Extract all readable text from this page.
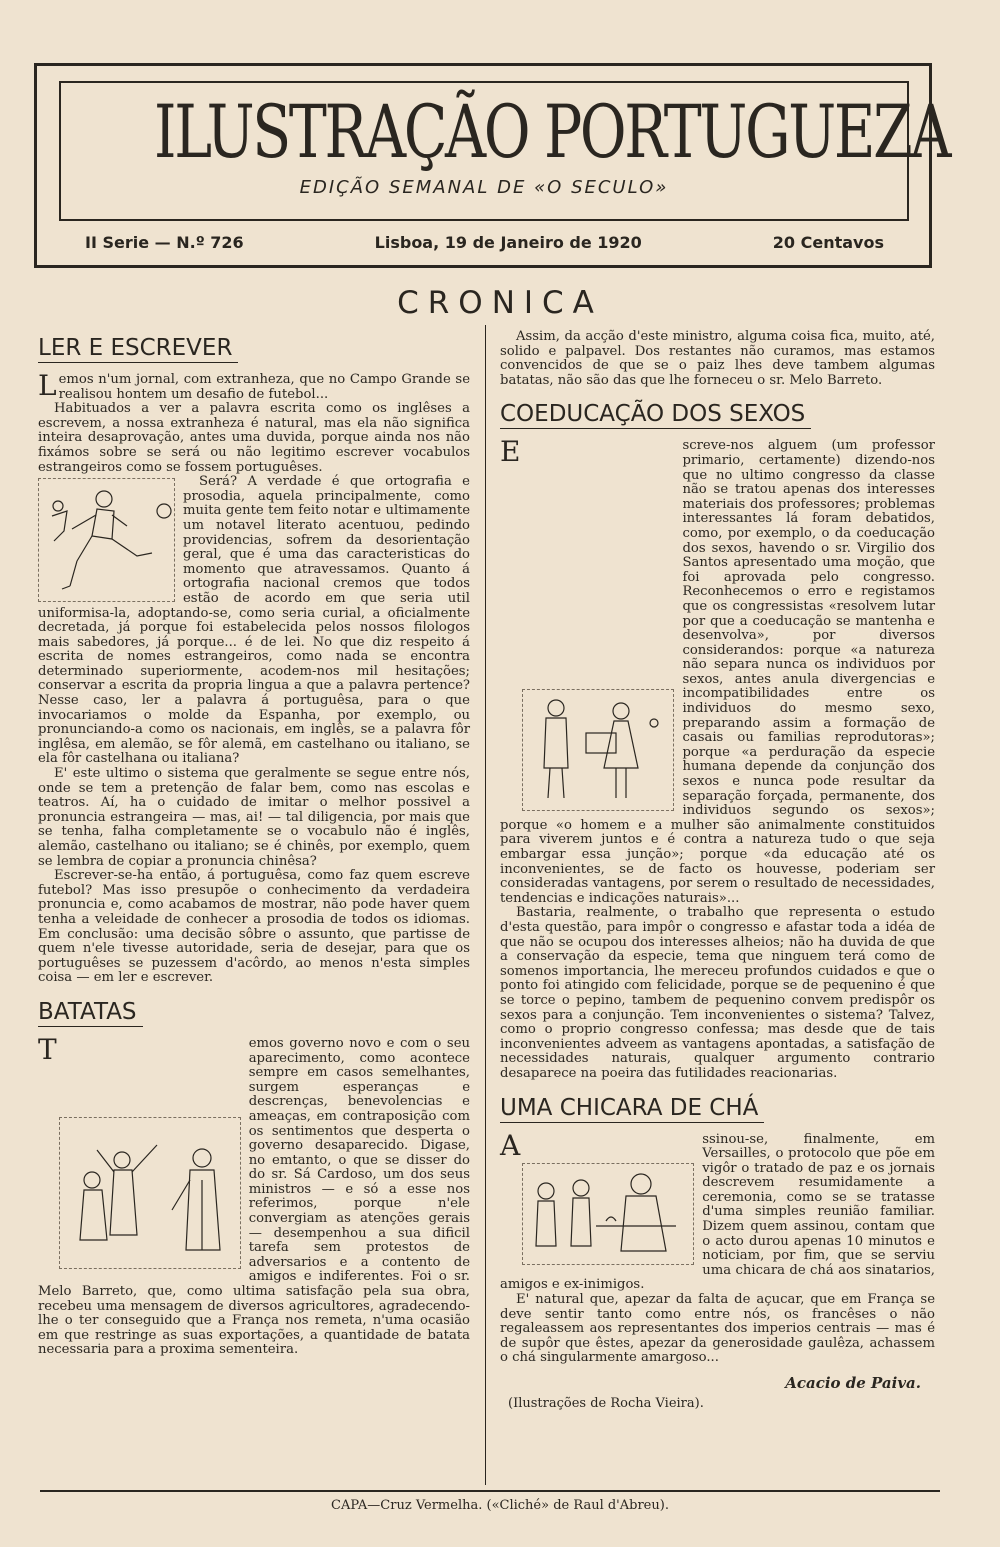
ILUSTRAÇÃO PORTUGUEZA
EDIÇÃO SEMANAL DE «O SECULO»
II Serie — N.º 726	Lisboa, 19 de Janeiro de 1920	20 Centavos
CRONICA
LER E ESCREVER

Lemos n'um jornal, com extranheza, que no Campo Grande se realisou hontem um desafio de futebol...

Habituados a ver a palavra escrita como os inglêses a escrevem, a nossa extranheza é natural, mas ela não significa inteira desaprovação, antes uma duvida, porque ainda nos não fixámos sobre se será ou não legitimo escrever vocabulos estrangeiros como se fossem portuguêses.

Será? A verdade é que ortografia e prosodia, aquela principalmente, como muita gente tem feito notar e ultimamente um notavel literato acentuou, pedindo providencias, sofrem da desorientação geral, que é uma das caracteristicas do momento que atravessamos. Quanto á ortografia nacional cremos que todos estão de acordo em que seria util uniformisa-la, adoptando-se, como seria curial, a oficialmente decretada, já porque foi estabelecida pelos nossos filologos mais sabedores, já porque... é de lei. No que diz respeito á escrita de nomes estrangeiros, como nada se encontra determinado superiormente, acodem-nos mil hesitações; conservar a escrita da propria lingua a que a palavra pertence? Nesse caso, ler a palavra á portuguêsa, para o que invocariamos o molde da Espanha, por exemplo, ou pronunciando-a como os nacionais, em inglês, se a palavra fôr inglêsa, em alemão, se fôr alemã, em castelhano ou italiano, se ela fôr castelhana ou italiana?

E' este ultimo o sistema que geralmente se segue entre nós, onde se tem a pretenção de falar bem, como nas escolas e teatros. Aí, ha o cuidado de imitar o melhor possivel a pronuncia estrangeira — mas, ai! — tal diligencia, por mais que se tenha, falha completamente se o vocabulo não é inglês, alemão, castelhano ou italiano; se é chinês, por exemplo, quem se lembra de copiar a pronuncia chinêsa?

Escrever-se-ha então, á portuguêsa, como faz quem escreve futebol? Mas isso presupõe o conhecimento da verdadeira pronuncia e, como acabamos de mostrar, não pode haver quem tenha a veleidade de conhecer a prosodia de todos os idiomas. Em conclusão: uma decisão sôbre o assunto, que partisse de quem n'ele tivesse autoridade, seria de desejar, para que os portuguêses se puzessem d'acôrdo, ao menos n'esta simples coisa — em ler e escrever.

BATATAS

T	emos governo novo e com o seu aparecimento, como acontece sempre em casos semelhantes, surgem esperanças e descrenças, benevolencias e ameaças, em contraposição com os sentimentos que desperta o governo desaparecido. Digase, no emtanto, o que se disser do do sr. Sá Cardoso, um dos seus ministros — e só a esse nos referimos, porque n'ele convergiam as atenções gerais — desempenhou a sua dificil tarefa sem protestos de adversarios e a contento de amigos e indiferentes. Foi o sr. Melo Barreto, que, como ultima satisfação pela sua obra, recebeu uma mensagem de diversos agricultores, agradecendo-lhe o ter conseguido que a França nos remeta, n'uma ocasião em que restringe as suas exportações, a quantidade de batata necessaria para a proxima sementeira.

Assim, da acção d'este ministro, alguma coisa fica, muito, até, solido e palpavel. Dos restantes não curamos, mas estamos convencidos de que se o paiz lhes deve tambem algumas batatas, não são das que lhe forneceu o sr. Melo Barreto.

COEDUCAÇÃO DOS SEXOS

E	screve-nos alguem (um professor primario, certamente) dizendo-nos que no ultimo congresso da classe não se tratou apenas dos interesses materiais dos professores; problemas interessantes lá foram debatidos, como, por exemplo, o da coeducação dos sexos, havendo o sr. Virgilio dos Santos apresentado uma moção, que foi aprovada pelo congresso. Reconhecemos o erro e registamos que os congressistas «resolvem lutar por que a coeducação se mantenha e desenvolva», por diversos considerandos: porque «a natureza não separa nunca os individuos por sexos, antes anula divergencias e incompatibilidades entre os individuos do mesmo sexo, preparando assim a formação de casais ou familias reprodutoras»; porque «a perduração da especie humana depende da conjunção dos sexos e nunca pode resultar da separação forçada, permanente, dos individuos segundo os sexos»; porque «o homem e a mulher são animalmente constituidos para viverem juntos e é contra a natureza tudo o que seja embargar essa junção»; porque «da educação até os inconvenientes, se de facto os houvesse, poderiam ser consideradas vantagens, por serem o resultado de necessidades, tendencias e indicações naturais»...

Bastaria, realmente, o trabalho que representa o estudo d'esta questão, para impôr o congresso e afastar toda a idéa de que não se ocupou dos interesses alheios; não ha duvida de que a conservação da especie, tema que ninguem terá como de somenos importancia, lhe mereceu profundos cuidados e que o ponto foi atingido com felicidade, porque se de pequenino é que se torce o pepino, tambem de pequenino convem predispôr os sexos para a conjunção. Tem inconvenientes o sistema? Talvez, como o proprio congresso confessa; mas desde que de tais inconvenientes adveem as vantagens apontadas, a satisfação de necessidades naturais, qualquer argumento contrario desaparece na poeira das futilidades reacionarias.

UMA CHICARA DE CHÁ

A	ssinou-se, finalmente, em Versailles, o protocolo que põe em vigôr o tratado de paz e os jornais descrevem resumidamente a ceremonia, como se se tratasse d'uma simples reunião familiar. Dizem quem assinou, contam que o acto durou apenas 10 minutos e noticiam, por fim, que se serviu uma chicara de chá aos sinatarios, amigos e ex-inimigos.

E' natural que, apezar da falta de açucar, que em França se deve sentir tanto como entre nós, os francêses o não regaleassem aos representantes dos imperios centrais — mas é de supôr que êstes, apezar da generosidade gaulêza, achassem o chá singularmente amargoso...

Acacio de Paiva.
(Ilustrações de Rocha Vieira).
CAPA—Cruz Vermelha. («Cliché» de Raul d'Abreu).
